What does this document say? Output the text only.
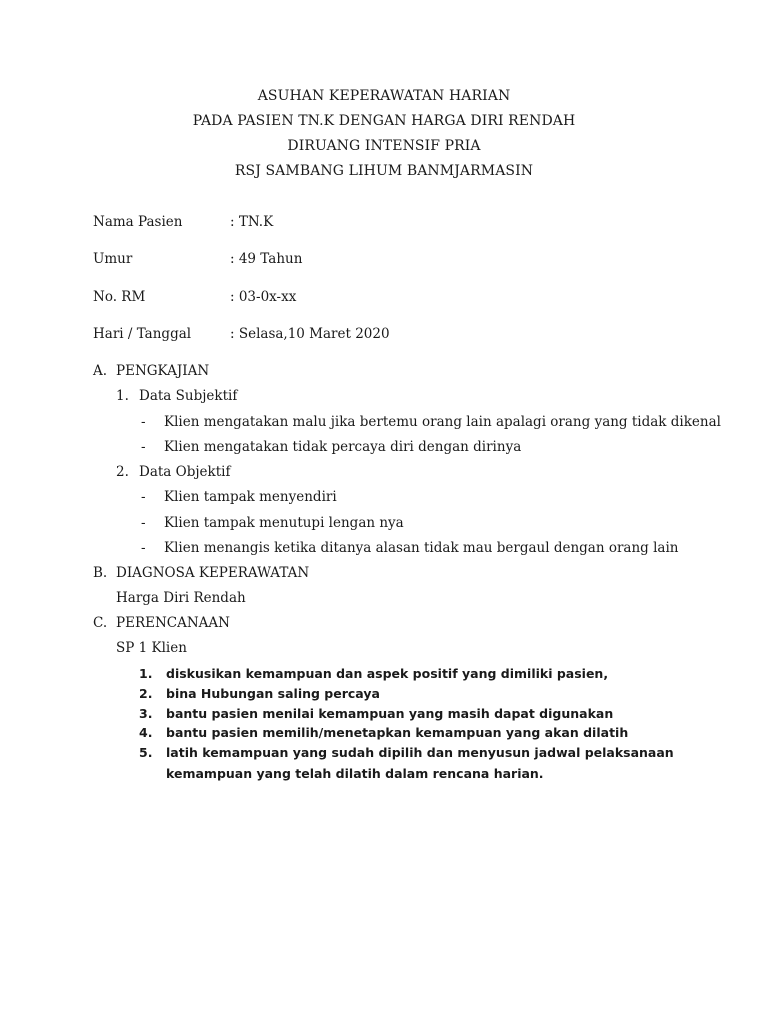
ASUHAN KEPERAWATAN HARIAN
PADA PASIEN TN.K DENGAN HARGA DIRI RENDAH
DIRUANG INTENSIF PRIA
RSJ SAMBANG LIHUM BANMJARMASIN
Nama Pasien	: TN.K
Umur	: 49 Tahun
No. RM	: 03-0x-xx
Hari / Tanggal	: Selasa,10 Maret 2020
A. PENGKAJIAN
1. Data Subjektif
- Klien mengatakan malu jika bertemu orang lain apalagi orang yang tidak dikenal
- Klien mengatakan tidak percaya diri dengan dirinya
2. Data Objektif
- Klien tampak menyendiri
- Klien tampak menutupi lengan nya
- Klien menangis ketika ditanya alasan tidak mau bergaul dengan orang lain
B. DIAGNOSA KEPERAWATAN
Harga Diri Rendah
C. PERENCANAAN
SP 1 Klien
1. diskusikan kemampuan dan aspek positif yang dimiliki pasien,
2. bina Hubungan saling percaya
3. bantu pasien menilai kemampuan yang masih dapat digunakan
4. bantu pasien memilih/menetapkan kemampuan yang akan dilatih
5. latih kemampuan yang sudah dipilih dan menyusun jadwal pelaksanaan
kemampuan yang telah dilatih dalam rencana harian.
